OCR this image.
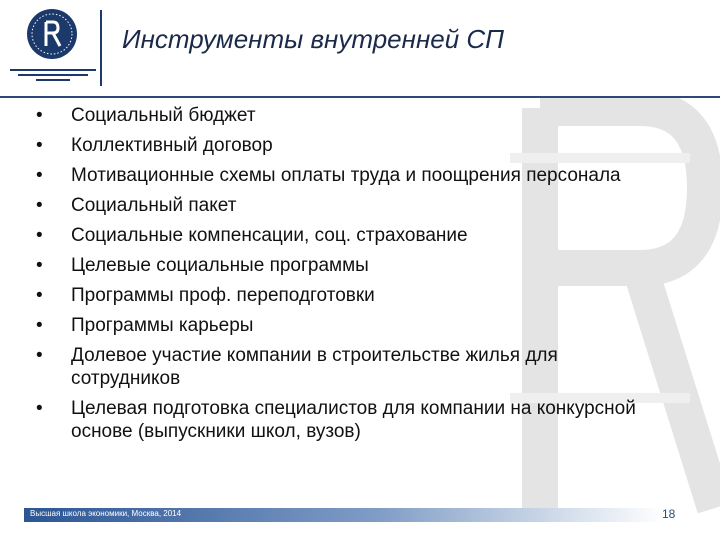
Инструменты внутренней СП
•	Социальный бюджет
•	Коллективный договор
•	Мотивационные схемы оплаты труда и поощрения персонала
•	Социальный пакет
•	Социальные компенсации, соц. страхование
•	Целевые социальные программы
•	Программы проф. переподготовки
•	Программы карьеры
•	Долевое участие компании в строительстве жилья для сотрудников
•	Целевая подготовка специалистов для компании на конкурсной основе (выпускники школ, вузов)
Высшая школа экономики, Москва, 2014	18
